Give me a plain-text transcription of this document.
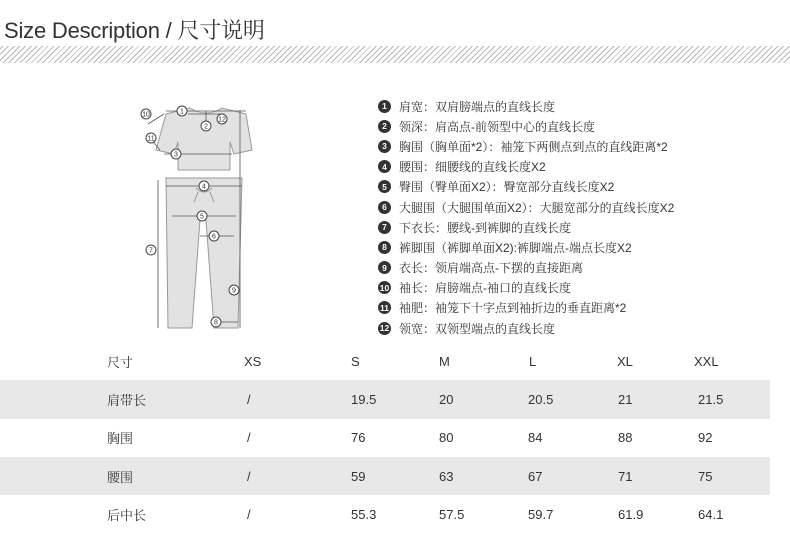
Size Description / 尺寸说明
1
2
3
4
5
6
7
8
9
10
11
12
1	肩宽：双肩膀端点的直线长度
2	领深：肩高点-前领型中心的直线长度
3	胸围（胸单面*2）：袖笼下两侧点到点的直线距离*2
4	腰围：细腰线的直线长度X2
5	臀围（臀单面X2）：臀宽部分直线长度X2
6	大腿围（大腿围单面X2）：大腿宽部分的直线长度X2
7	下衣长：腰线-到裤脚的直线长度
8	裤脚围（裤脚单面X2):裤脚端点-端点长度X2
9	衣长：领肩端高点-下摆的直接距离
10 袖长：肩膀端点-袖口的直线长度
11 袖肥：袖笼下十字点到袖折边的垂直距离*2
12 领宽：双领型端点的直线长度
尺寸	XS	S	M	L	XL	XXL
肩带长	/	19.5	20	20.5	21	21.5
胸围	/	76	80	84	88	92
腰围	/	59	63	67	71	75
后中长	/	55.3	57.5	59.7	61.9	64.1
